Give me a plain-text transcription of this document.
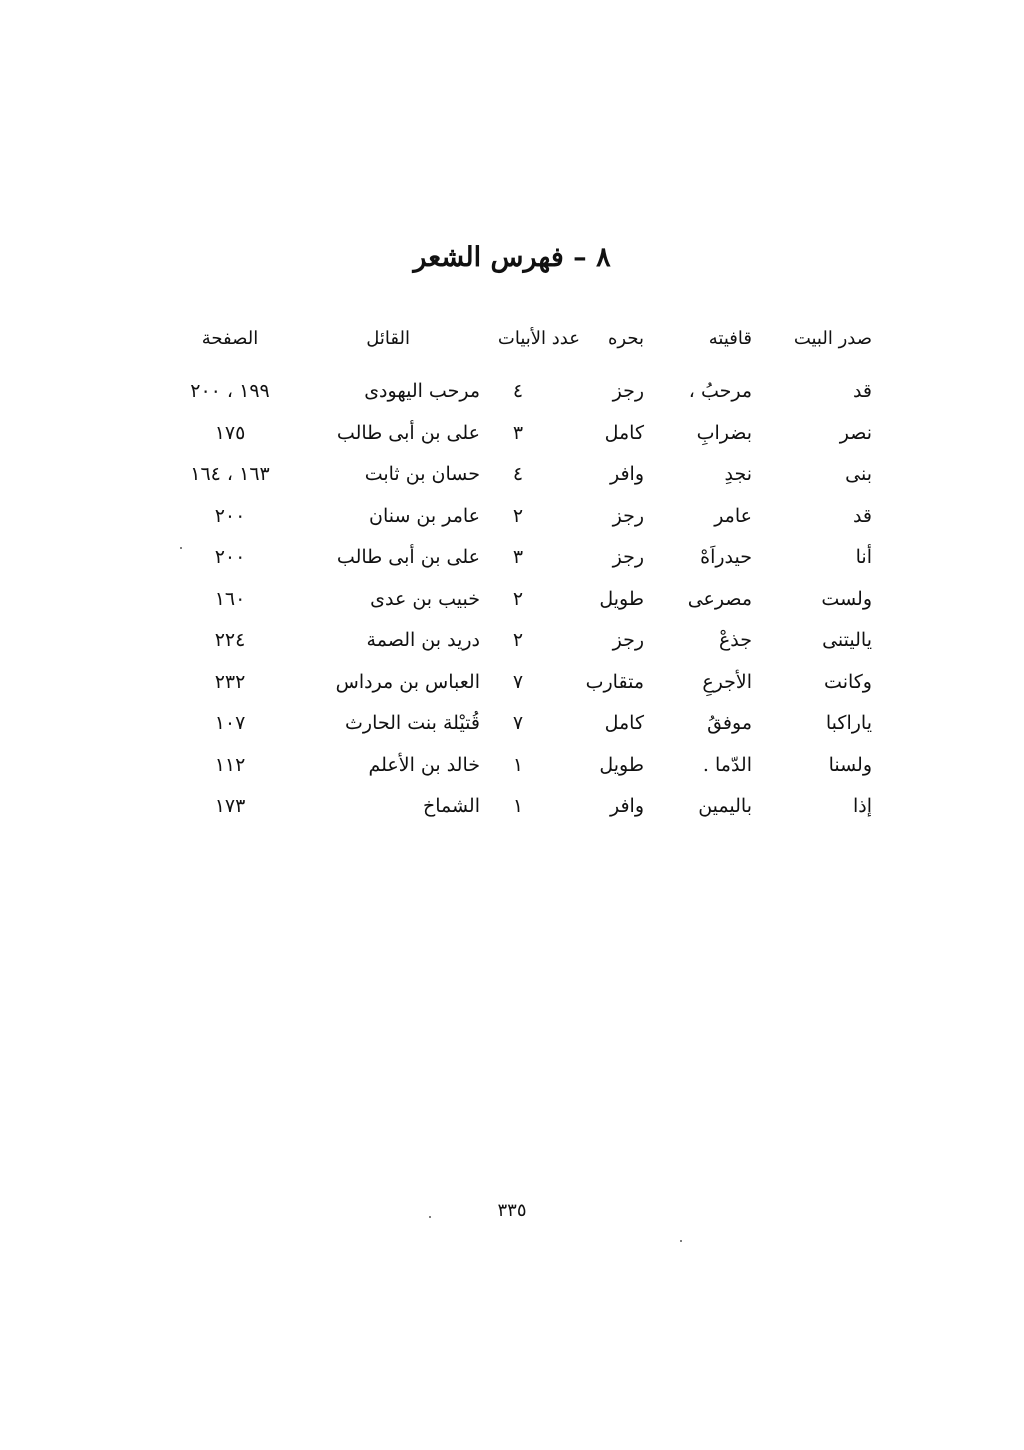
٨ – فهرس الشعر
صدر البيت
قافيته
بحره
عدد الأبيات
القائل
الصفحة
قد
مرحبُ ،
رجز
٤
مرحب اليهودى
١٩٩ ، ٢٠٠
نصر
بضرابِ
كامل
٣
على بن أبى طالب
١٧٥
بنى
نجدِ
وافر
٤
حسان بن ثابت
١٦٣ ، ١٦٤
قد
عامر
رجز
٢
عامر بن سنان
٢٠٠
أنا
حيدراَهْ
رجز
٣
على بن أبى طالب
٢٠٠
ولست
مصرعى
طويل
٢
خبيب بن عدى
١٦٠
ياليتنى
جذعْ
رجز
٢
دريد بن الصمة
٢٢٤
وكانت
الأجرعِ
متقارب
٧
العباس بن مرداس
٢٣٢
ياراكبا
موفقُ
كامل
٧
قُتيْلة بنت الحارث
١٠٧
ولسنا
الدّما .
طويل
١
خالد بن الأعلم
١١٢
إذا
باليمين
وافر
١
الشماخ
١٧٣
٣٣٥
